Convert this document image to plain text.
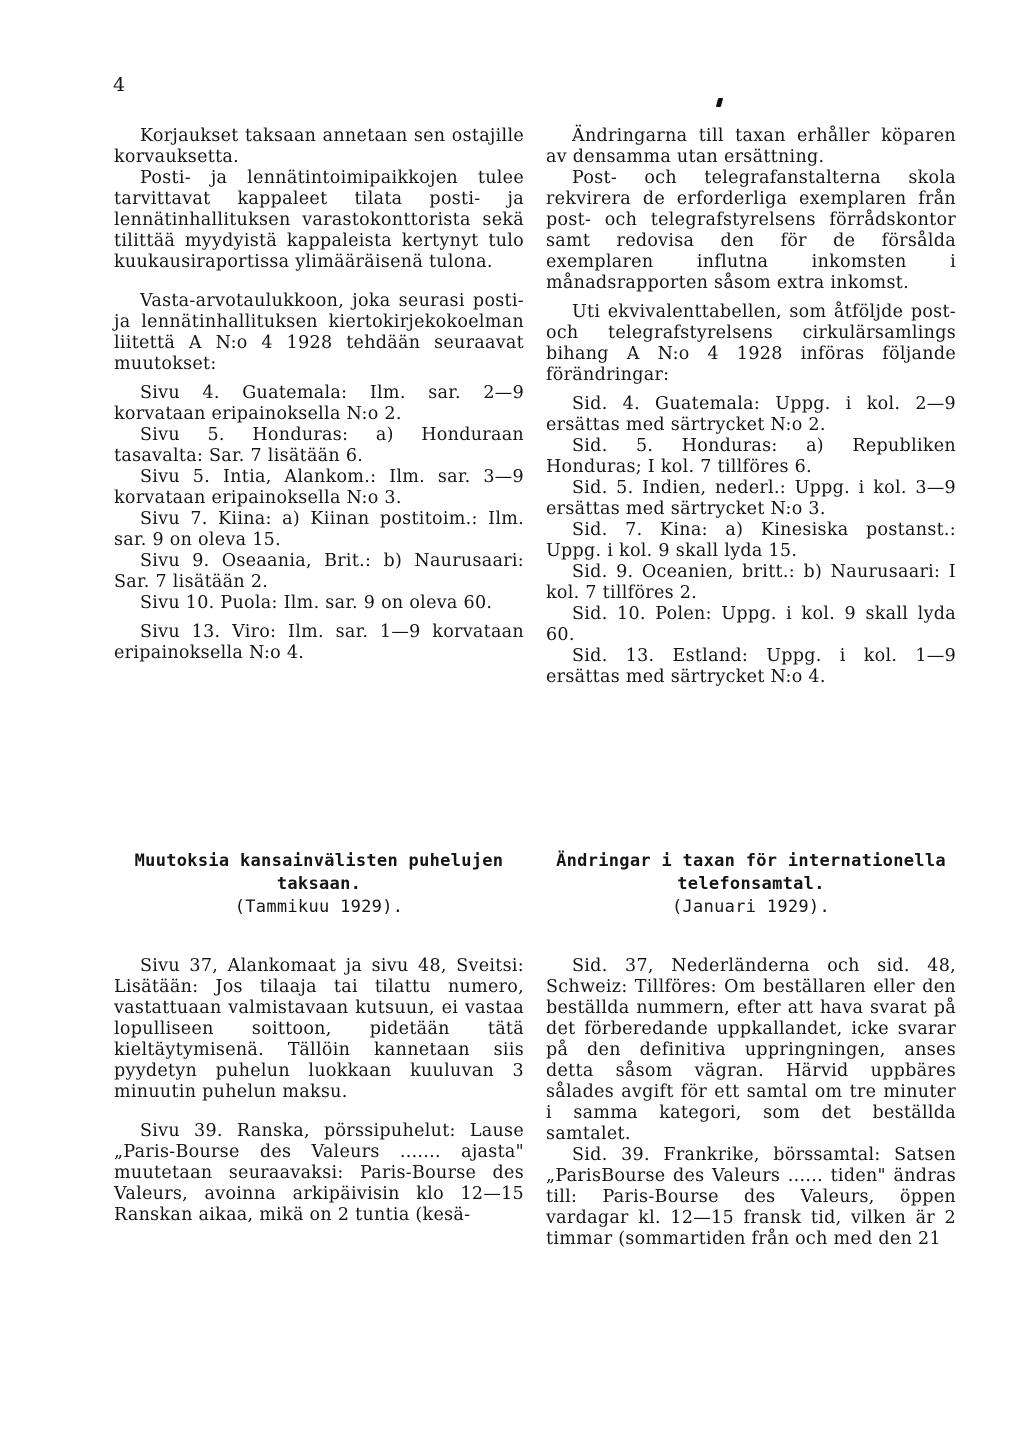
4

Korjaukset taksaan annetaan sen ostajille korvauksetta.

Posti- ja lennätintoimipaikkojen tulee tarvittavat kappaleet tilata posti- ja lennätinhallituksen varastokonttorista sekä tilittää myydyistä kappaleista kertynyt tulo kuukausiraportissa ylimääräisenä tulona.

Vasta-arvotaulukkoon, joka seurasi posti- ja lennätinhallituksen kiertokirjekokoelman liitettä A N:o 4 1928 tehdään seuraavat muutokset:

Sivu 4. Guatemala: Ilm. sar. 2—9 korvataan eripainoksella N:o 2.

Sivu 5. Honduras: a) Honduraan tasavalta: Sar. 7 lisätään 6.

Sivu 5. Intia, Alankom.: Ilm. sar. 3—9 korvataan eripainoksella N:o 3.

Sivu 7. Kiina: a) Kiinan postitoim.: Ilm. sar. 9 on oleva 15.

Sivu 9. Oseaania, Brit.: b) Naurusaari: Sar. 7 lisätään 2.

Sivu 10. Puola: Ilm. sar. 9 on oleva 60.

Sivu 13. Viro: Ilm. sar. 1—9 korvataan eripainoksella N:o 4.

Ändringarna till taxan erhåller köparen av densamma utan ersättning.

Post- och telegrafanstalterna skola rekvirera de erforderliga exemplaren från post- och telegrafstyrelsens förrådskontor samt redovisa den för de försålda exemplaren influtna inkomsten i månadsrapporten såsom extra inkomst.

Uti ekvivalenttabellen, som åtföljde post- och telegrafstyrelsens cirkulärsamlings bihang A N:o 4 1928 införas följande förändringar:

Sid. 4. Guatemala: Uppg. i kol. 2—9 ersättas med särtrycket N:o 2.

Sid. 5. Honduras: a) Republiken Honduras; I kol. 7 tillföres 6.

Sid. 5. Indien, nederl.: Uppg. i kol. 3—9 ersättas med särtrycket N:o 3.

Sid. 7. Kina: a) Kinesiska postanst.: Uppg. i kol. 9 skall lyda 15.

Sid. 9. Oceanien, britt.: b) Naurusaari: I kol. 7 tillföres 2.

Sid. 10. Polen: Uppg. i kol. 9 skall lyda 60.

Sid. 13. Estland: Uppg. i kol. 1—9 ersättas med särtrycket N:o 4.

Muutoksia kansainvälisten puhelujen taksaan.
(Tammikuu 1929).
Ändringar i taxan för internationella telefonsamtal.
(Januari 1929).

Sivu 37, Alankomaat ja sivu 48, Sveitsi: Lisätään: Jos tilaaja tai tilattu numero, vastattuaan valmistavaan kutsuun, ei vastaa lopulliseen soittoon, pidetään tätä kieltäytymisenä. Tällöin kannetaan siis pyydetyn puhelun luokkaan kuuluvan 3 minuutin puhelun maksu.

Sivu 39. Ranska, pörssipuhelut: Lause „Paris-Bourse des Valeurs ....... ajasta" muutetaan seuraavaksi: Paris-Bourse des Valeurs, avoinna arkipäivisin klo 12—15 Ranskan aikaa, mikä on 2 tuntia (kesä-

Sid. 37, Nederländerna och sid. 48, Schweiz: Tillföres: Om beställaren eller den beställda nummern, efter att hava svarat på det förberedande uppkallandet, icke svarar på den definitiva uppringningen, anses detta såsom vägran. Härvid uppbäres sålades avgift för ett samtal om tre minuter i samma kategori, som det beställda samtalet.

Sid. 39. Frankrike, börssamtal: Satsen „ParisBourse des Valeurs ...... tiden" ändras till: Paris-Bourse des Valeurs, öppen vardagar kl. 12—15 fransk tid, vilken är 2 timmar (sommartiden från och med den 21
